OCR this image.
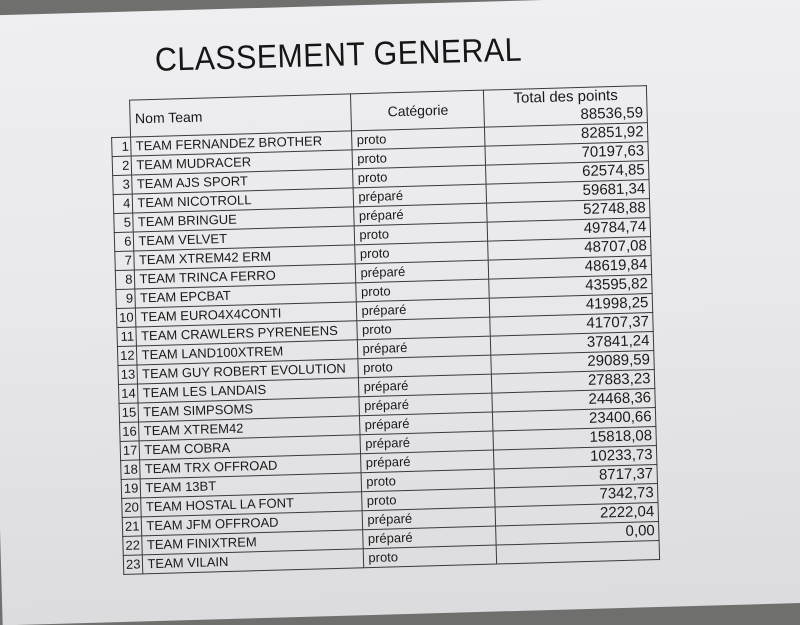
CLASSEMENT GENERAL
	Nom Team	Catégorie	Total des points
88536,59

1	TEAM FERNANDEZ BROTHER	proto	82851,92
2	TEAM MUDRACER	proto	70197,63
3	TEAM AJS SPORT	proto	62574,85
4	TEAM NICOTROLL	préparé	59681,34
5	TEAM BRINGUE	préparé	52748,88
6	TEAM VELVET	proto	49784,74
7	TEAM XTREM42 ERM	proto	48707,08
8	TEAM TRINCA FERRO	préparé	48619,84
9	TEAM EPCBAT	proto	43595,82
10	TEAM EURO4X4CONTI	préparé	41998,25
11	TEAM CRAWLERS PYRENEENS	proto	41707,37
12	TEAM LAND100XTREM	préparé	37841,24
13	TEAM GUY ROBERT EVOLUTION	proto	29089,59
14	TEAM LES LANDAIS	préparé	27883,23
15	TEAM SIMPSOMS	préparé	24468,36
16	TEAM XTREM42	préparé	23400,66
17	TEAM COBRA	préparé	15818,08
18	TEAM TRX OFFROAD	préparé	10233,73
19	TEAM 13BT	proto	8717,37
20	TEAM HOSTAL LA FONT	proto	7342,73
21	TEAM JFM OFFROAD	préparé	2222,04
22	TEAM FINIXTREM	préparé	0,00
23	TEAM VILAIN	proto	
